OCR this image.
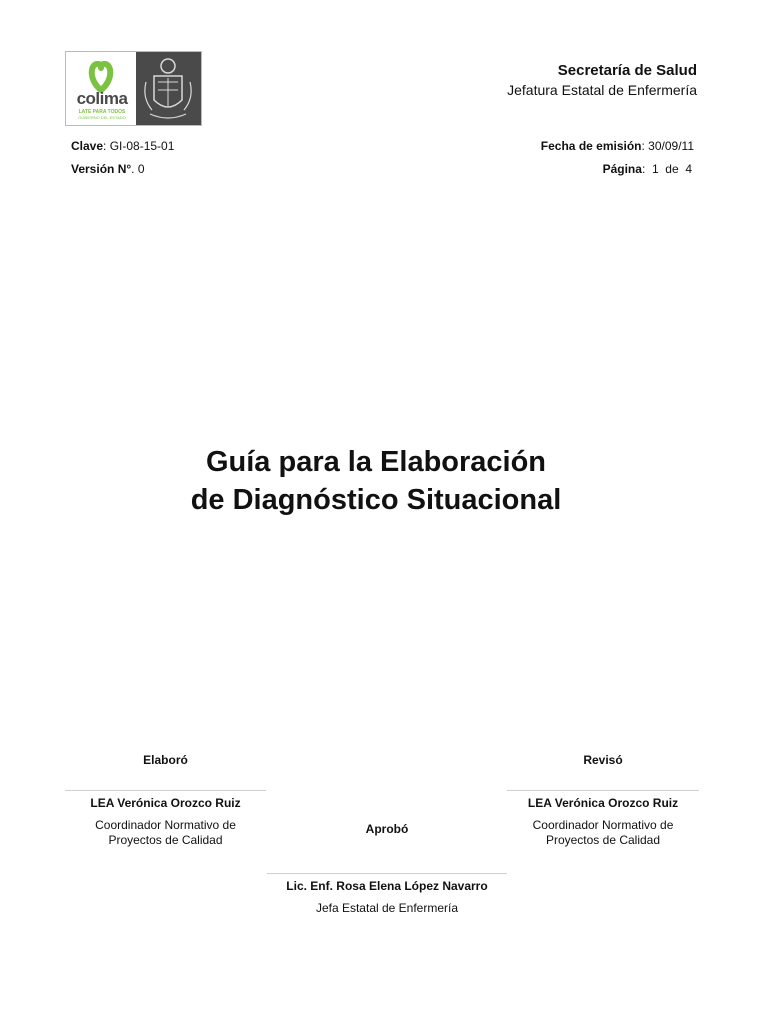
colima
LATE PARA TODOS
GOBIERNO DEL ESTADO
Secretaría de Salud
Jefatura Estatal de Enfermería
Clave: GI-08-15-01
Versión N°. 0
Fecha de emisión: 30/09/11
Página:  1  de  4
Guía para la Elaboración
de Diagnóstico Situacional
Elaboró
LEA Verónica Orozco Ruiz
Coordinador Normativo de
Proyectos de Calidad
Revisó
LEA Verónica Orozco Ruiz
Coordinador Normativo de
Proyectos de Calidad
Aprobó
Lic. Enf. Rosa Elena López Navarro
Jefa Estatal de Enfermería
